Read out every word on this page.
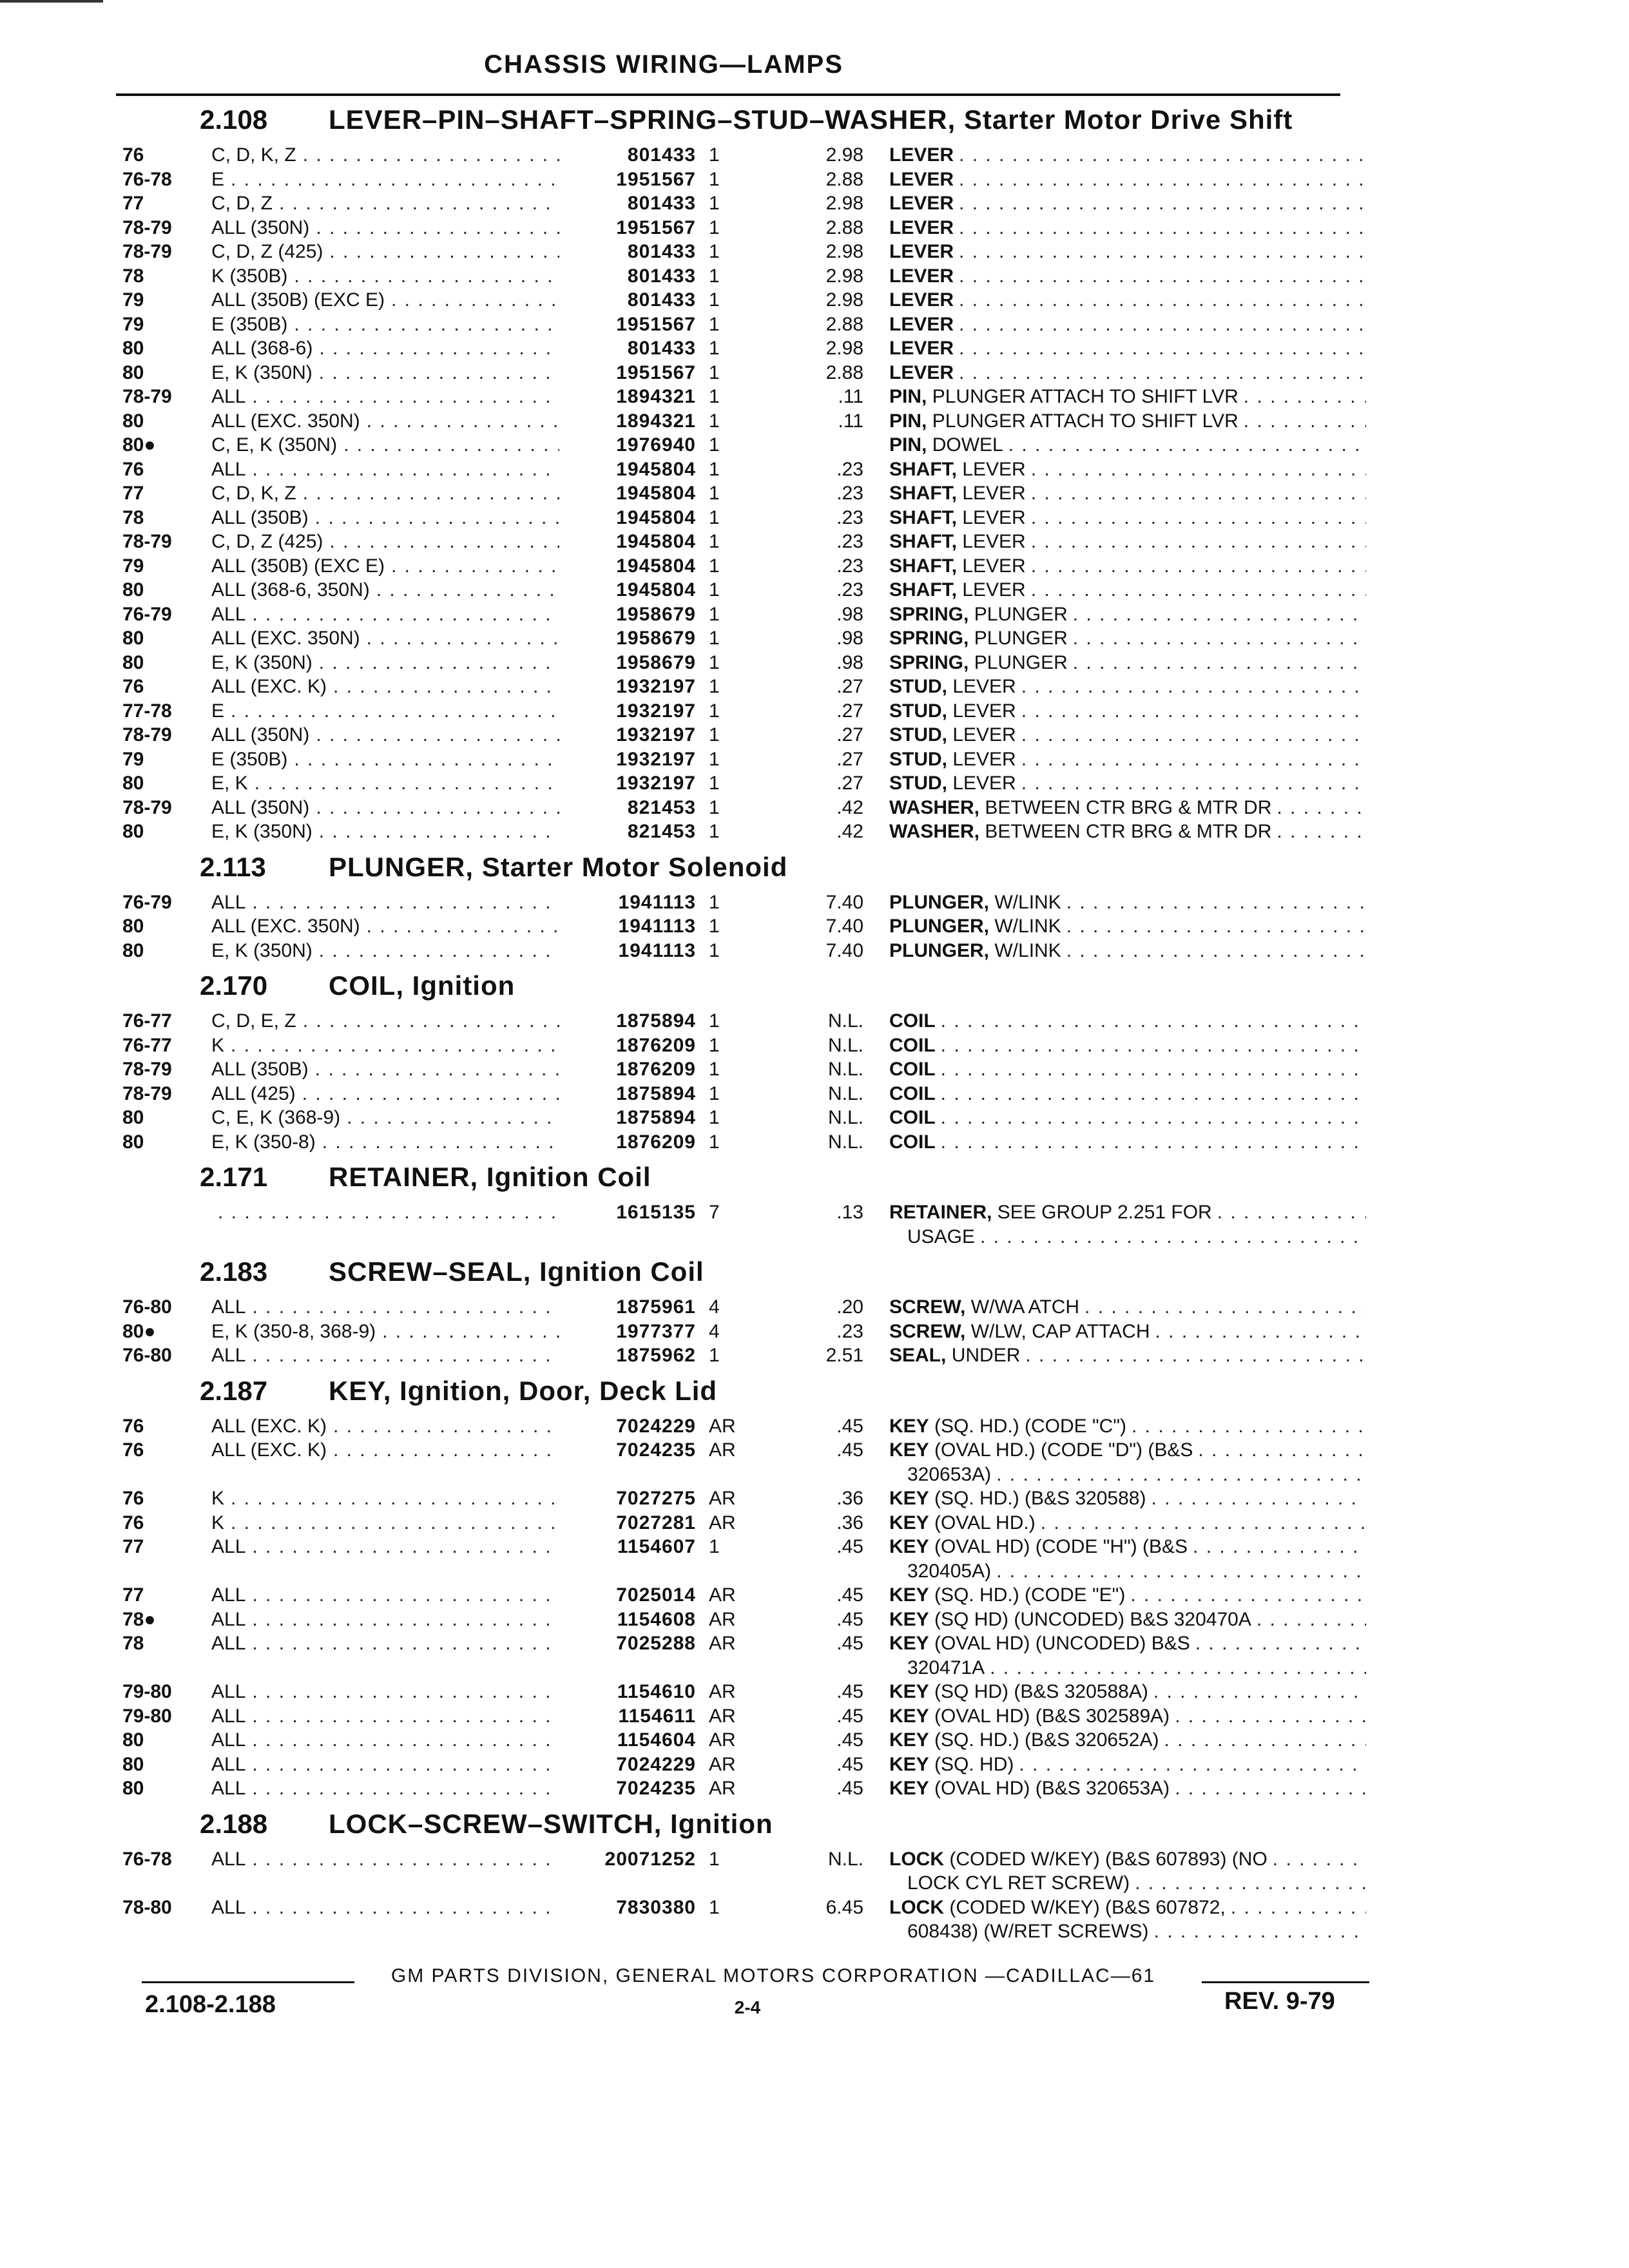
CHASSIS WIRING—LAMPS
2.108 LEVER–PIN–SHAFT–SPRING–STUD–WASHER, Starter Motor Drive Shift
76	C, D, K, Z . . .	801433 1	2.98 LEVER . . .
76-78	E . . .	1951567 1	2.88 LEVER . . .
77	C, D, Z . . .	801433 1	2.98 LEVER . . .
78-79	ALL (350N) . . .	1951567 1	2.88 LEVER . . .
78-79	C, D, Z (425) . . .	801433 1	2.98 LEVER . . .
78	K (350B) . . .	801433 1	2.98 LEVER . . .
79	ALL (350B) (EXC E) . . .	801433 1	2.98 LEVER . . .
79	E (350B) . . .	1951567 1	2.88 LEVER . . .
80	ALL (368-6) . . .	801433 1	2.98 LEVER . . .
80	E, K (350N) . . .	1951567 1	2.88 LEVER . . .
78-79	ALL . . .	1894321 1	.11 PIN, PLUNGER ATTACH TO SHIFT LVR . . .
80	ALL (EXC. 350N) . . .	1894321 1	.11 PIN, PLUNGER ATTACH TO SHIFT LVR . . .
80●	C, E, K (350N) . . .	1976940 1	PIN, DOWEL . . .
76	ALL . . .	1945804 1	.23 SHAFT, LEVER . . .
77	C, D, K, Z . . .	1945804 1	.23 SHAFT, LEVER . . .
78	ALL (350B) . . .	1945804 1	.23 SHAFT, LEVER . . .
78-79	C, D, Z (425) . . .	1945804 1	.23 SHAFT, LEVER . . .
79	ALL (350B) (EXC E) . . .	1945804 1	.23 SHAFT, LEVER . . .
80	ALL (368-6, 350N) . . .	1945804 1	.23 SHAFT, LEVER . . .
76-79	ALL . . .	1958679 1	.98 SPRING, PLUNGER . . .
80	ALL (EXC. 350N) . . .	1958679 1	.98 SPRING, PLUNGER . . .
80	E, K (350N) . . .	1958679 1	.98 SPRING, PLUNGER . . .
76	ALL (EXC. K) . . .	1932197 1	.27 STUD, LEVER . . .
77-78	E . . .	1932197 1	.27 STUD, LEVER . . .
78-79	ALL (350N) . . .	1932197 1	.27 STUD, LEVER . . .
79	E (350B) . . .	1932197 1	.27 STUD, LEVER . . .
80	E, K . . .	1932197 1	.27 STUD, LEVER . . .
78-79	ALL (350N) . . .	821453 1	.42 WASHER, BETWEEN CTR BRG & MTR DR . . .
80	E, K (350N) . . .	821453 1	.42 WASHER, BETWEEN CTR BRG & MTR DR . . .
2.113 PLUNGER, Starter Motor Solenoid
76-79	ALL . . .	1941113 1	7.40 PLUNGER, W/LINK . . .
80	ALL (EXC. 350N) . . .	1941113 1	7.40 PLUNGER, W/LINK . . .
80	E, K (350N) . . .	1941113 1	7.40 PLUNGER, W/LINK . . .
2.170 COIL, Ignition
76-77	C, D, E, Z . . .	1875894 1	N.L. COIL . . .
76-77	K . . .	1876209 1	N.L. COIL . . .
78-79	ALL (350B) . . .	1876209 1	N.L. COIL . . .
78-79	ALL (425) . . .	1875894 1	N.L. COIL . . .
80	C, E, K (368-9) . . .	1875894 1	N.L. COIL . . .
80	E, K (350-8) . . .	1876209 1	N.L. COIL . . .
2.171 RETAINER, Ignition Coil
. . .
1615135 7	.13 RETAINER, SEE GROUP 2.251 FOR . . .
USAGE . . .
2.183 SCREW–SEAL, Ignition Coil
76-80	ALL . . .	1875961 4	.20 SCREW, W/WA ATCH . . .
80●	E, K (350-8, 368-9) . . .	1977377 4	.23 SCREW, W/LW, CAP ATTACH . . .
76-80	ALL . . .	1875962 1	2.51 SEAL, UNDER . . .
2.187 KEY, Ignition, Door, Deck Lid
76	ALL (EXC. K) . . .	7024229 AR	.45 KEY (SQ. HD.) (CODE "C") . . .
76	ALL (EXC. K) . . .	7024235 AR	.45 KEY (OVAL HD.) (CODE "D") (B&S . . .
320653A) . . .
76	K . . .	7027275 AR	.36 KEY (SQ. HD.) (B&S 320588) . . .
76	K . . .	7027281 AR	.36 KEY (OVAL HD.) . . .
77	ALL . . .	1154607 1	.45 KEY (OVAL HD) (CODE "H") (B&S . . .
320405A) . . .
77	ALL . . .	7025014 AR	.45 KEY (SQ. HD.) (CODE "E") . . .
78●	ALL . . .	1154608 AR	.45 KEY (SQ HD) (UNCODED) B&S 320470A . . .
78	ALL . . .	7025288 AR	.45 KEY (OVAL HD) (UNCODED) B&S . . .
320471A . . .
79-80	ALL . . .	1154610 AR	.45 KEY (SQ HD) (B&S 320588A) . . .
79-80	ALL . . .	1154611 AR	.45 KEY (OVAL HD) (B&S 302589A) . . .
80	ALL . . .	1154604 AR	.45 KEY (SQ. HD.) (B&S 320652A) . . .
80	ALL . . .	7024229 AR	.45 KEY (SQ. HD) . . .
80	ALL . . .	7024235 AR	.45 KEY (OVAL HD) (B&S 320653A) . . .
2.188 LOCK–SCREW–SWITCH, Ignition
76-78	ALL . . .	20071252 1	N.L. LOCK (CODED W/KEY) (B&S 607893) (NO . . .
LOCK CYL RET SCREW) . . .
78-80	ALL . . .	7830380 1	6.45 LOCK (CODED W/KEY) (B&S 607872, . . .
608438) (W/RET SCREWS) . . .
GM PARTS DIVISION, GENERAL MOTORS CORPORATION —CADILLAC—61
2.108-2.188	2-4	REV. 9-79
